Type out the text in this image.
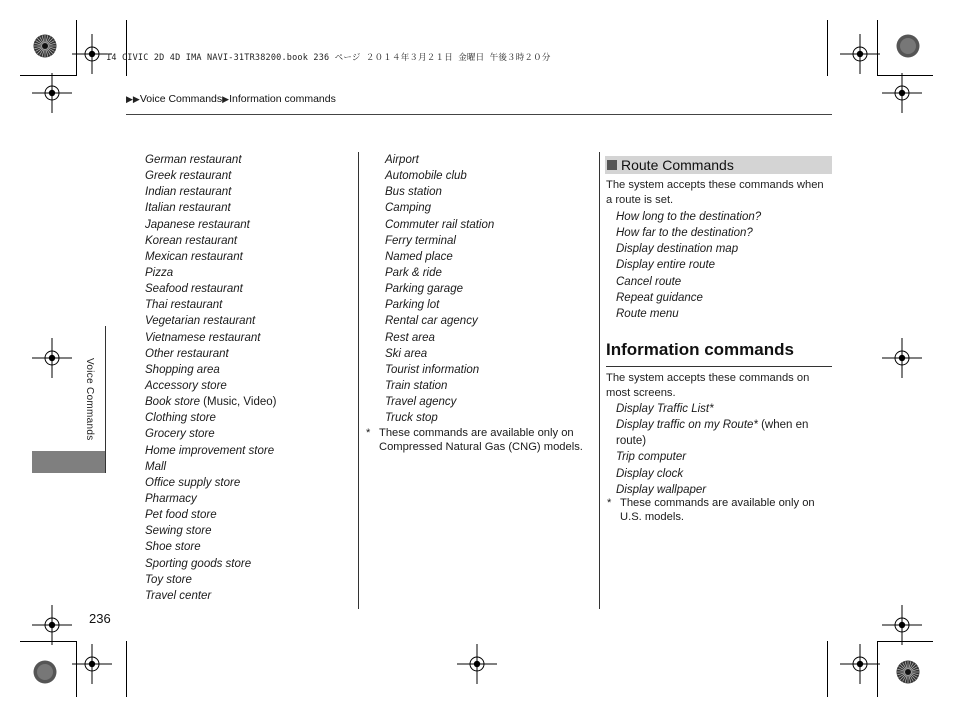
14 CIVIC 2D 4D IMA NAVI-31TR38200.book 236 ページ ２０１４年３月２１日 金曜日 午後３時２０分
▶▶Voice Commands▶Information commands
Voice Commands
German restaurant
Greek restaurant
Indian restaurant
Italian restaurant
Japanese restaurant
Korean restaurant
Mexican restaurant
Pizza
Seafood restaurant
Thai restaurant
Vegetarian restaurant
Vietnamese restaurant
Other restaurant
Shopping area
Accessory store
Book store (Music, Video)
Clothing store
Grocery store
Home improvement store
Mall
Office supply store
Pharmacy
Pet food store
Sewing store
Shoe store
Sporting goods store
Toy store
Travel center
Airport
Automobile club
Bus station
Camping
Commuter rail station
Ferry terminal
Named place
Park & ride
Parking garage
Parking lot
Rental car agency
Rest area
Ski area
Tourist information
Train station
Travel agency
Truck stop
* These commands are available only on Compressed Natural Gas (CNG) models.
Route Commands
The system accepts these commands when a route is set.
How long to the destination?
How far to the destination?
Display destination map
Display entire route
Cancel route
Repeat guidance
Route menu
Information commands
The system accepts these commands on most screens.
Display Traffic List*
Display traffic on my Route* (when en
route)
Trip computer
Display clock
Display wallpaper
* These commands are available only on U.S. models.
236
